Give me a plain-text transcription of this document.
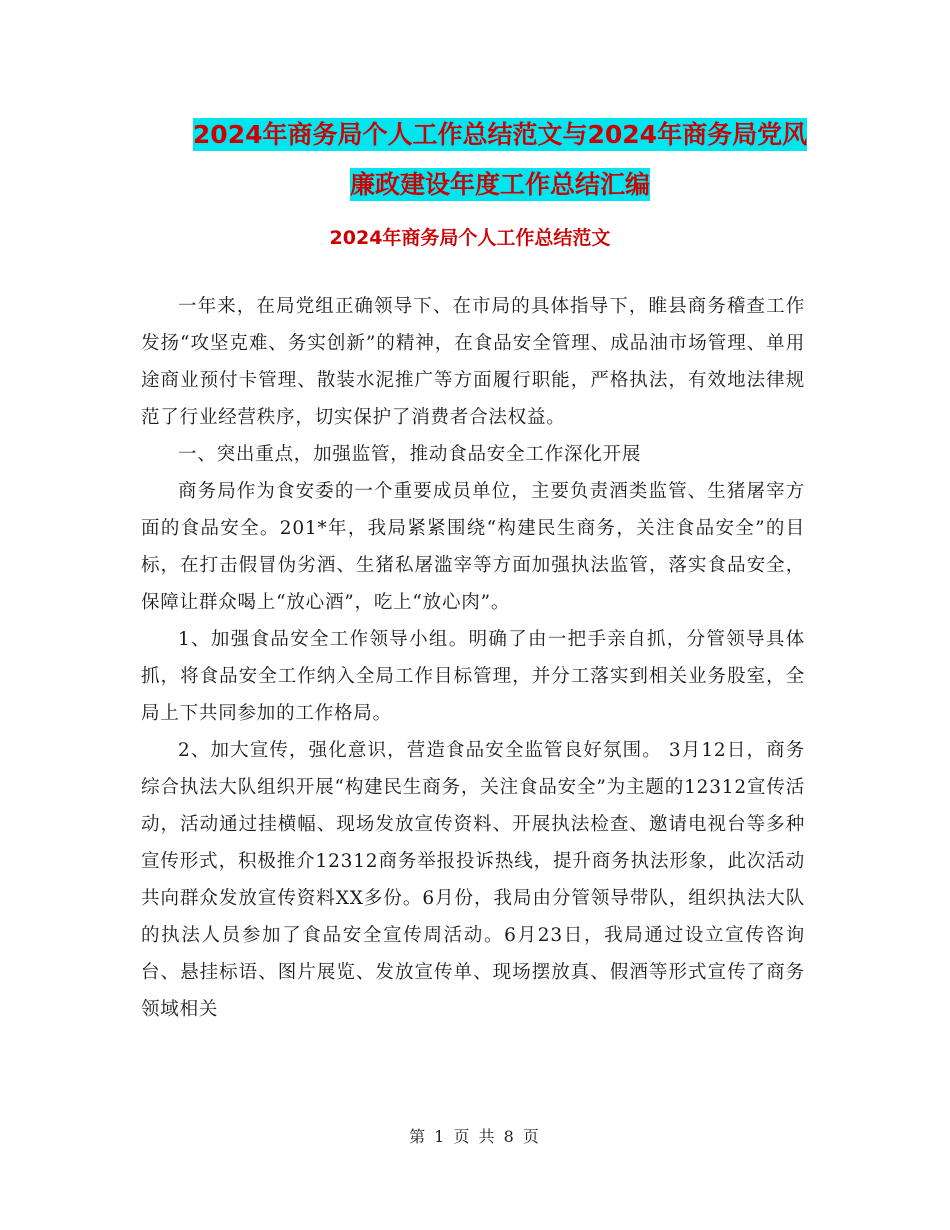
2024年商务局个人工作总结范文与2024年商务局党风
廉政建设年度工作总结汇编
2024年商务局个人工作总结范文

一年来，在局党组正确领导下、在市局的具体指导下，睢县商务稽查工作发扬“攻坚克难、务实创新”的精神，在食品安全管理、成品油市场管理、单用途商业预付卡管理、散装水泥推广等方面履行职能，严格执法，有效地法律规范了行业经营秩序，切实保护了消费者合法权益。

一、突出重点，加强监管，推动食品安全工作深化开展

商务局作为食安委的一个重要成员单位，主要负责酒类监管、生猪屠宰方面的食品安全。201*年，我局紧紧围绕“构建民生商务，关注食品安全”的目标，在打击假冒伪劣酒、生猪私屠滥宰等方面加强执法监管，落实食品安全，保障让群众喝上“放心酒”，吃上“放心肉”。

1、加强食品安全工作领导小组。明确了由一把手亲自抓，分管领导具体抓，将食品安全工作纳入全局工作目标管理，并分工落实到相关业务股室，全局上下共同参加的工作格局。

2、加大宣传，强化意识，营造食品安全监管良好氛围。 3月12日，商务综合执法大队组织开展“构建民生商务，关注食品安全”为主题的12312宣传活动，活动通过挂横幅、现场发放宣传资料、开展执法检查、邀请电视台等多种宣传形式，积极推介12312商务举报投诉热线，提升商务执法形象，此次活动共向群众发放宣传资料XX多份。6月份，我局由分管领导带队，组织执法大队的执法人员参加了食品安全宣传周活动。6月23日，我局通过设立宣传咨询台、悬挂标语、图片展览、发放宣传单、现场摆放真、假酒等形式宣传了商务领域相关

第 1 页 共 8 页
